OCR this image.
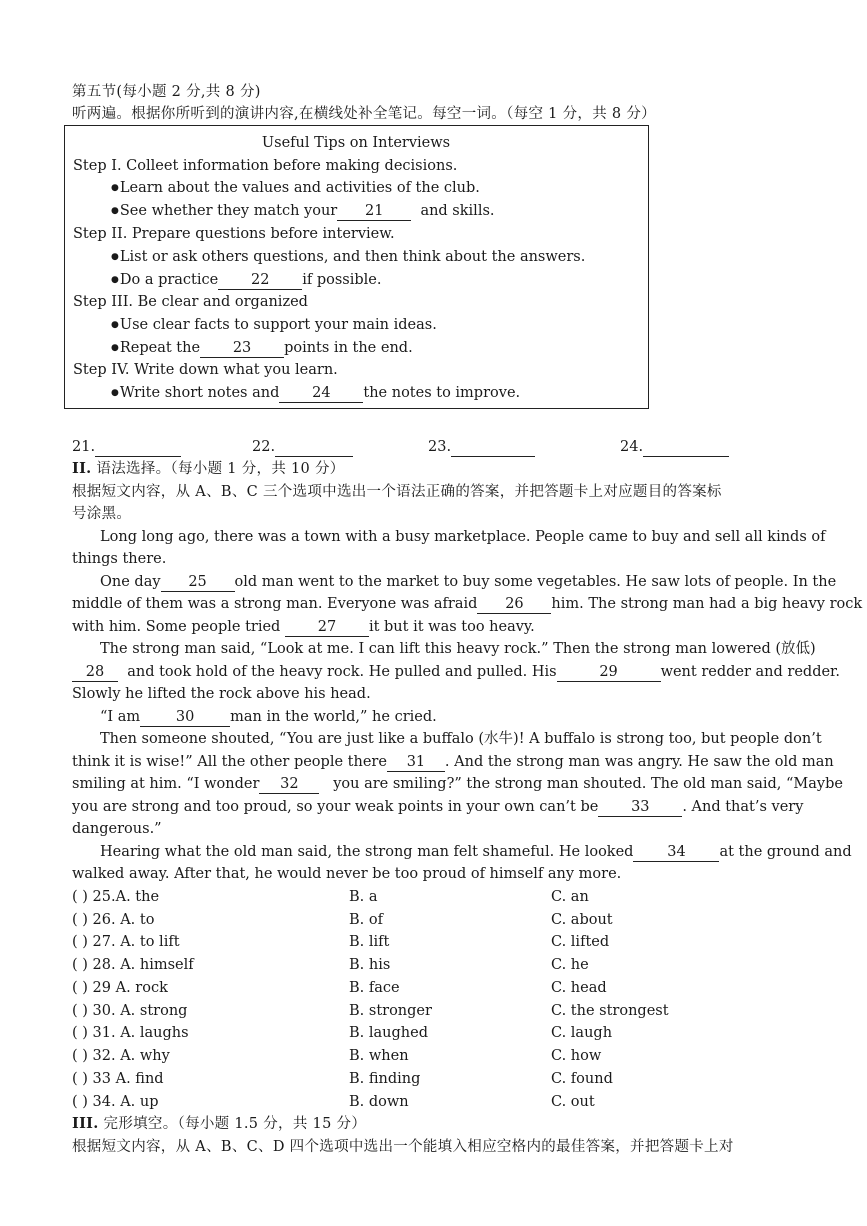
第五节(每小题 2 分,共 8 分)
听两遍。根据你所听到的演讲内容,在横线处补全笔记。每空一词。（每空 1 分，共 8 分）
Useful Tips on Interviews
Step I. Colleet information before making decisions.
●Learn about the values and activities of the club.
●See whether they match your 21	and skills.
Step II. Prepare questions before interview.
●List or ask others questions, and then think about the answers.
●Do a practice 22 if possible.
Step III. Be clear and organized
●Use clear facts to support your main ideas.
●Repeat the 23 points in the end.
Step IV. Write down what you learn.
●Write short notes and 24 the notes to improve.
21.	22.	23.	24.
II. 语法选择。（每小题 1 分，共 10 分）
根据短文内容，从 A、B、C 三个选项中选出一个语法正确的答案，并把答题卡上对应题目的答案标
号涂黑。
Long long ago, there was a town with a busy marketplace. People came to buy and sell all kinds of
things there.
One day 25 old man went to the market to buy some vegetables. He saw lots of people. In the
middle of them was a strong man. Everyone was afraid 26 him. The strong man had a big heavy rock
with him. Some people tried	27 it but it was too heavy.
The strong man said, “Look at me. I can lift this heavy rock.” Then the strong man lowered (放低)
28 and took hold of the heavy rock. He pulled and pulled. His	29	went redder and redder.
Slowly he lifted the rock above his head.
“I am 30 man in the world,” he cried.
Then someone shouted, “You are just like a buffalo (水牛)! A buffalo is strong too, but people don’t
think it is wise!” All the other people there 31 . And the strong man was angry. He saw the old man
smiling at him. “I wonder 32 you are smiling?” the strong man shouted. The old man said, “Maybe
you are strong and too proud, so your weak points in your own can’t be 33 . And that’s very
dangerous.”
Hearing what the old man said, the strong man felt shameful. He looked 34 at the ground and
walked away. After that, he would never be too proud of himself any more.
( ) 25.A. the	B. a	C. an
( ) 26. A. to	B. of	C. about
( ) 27. A. to lift	B. lift	C. lifted
( ) 28. A. himself	B. his	C. he
( ) 29 A. rock	B. face	C. head
( ) 30. A. strong	B. stronger	C. the strongest
( ) 31. A. laughs	B. laughed	C. laugh
( ) 32. A. why	B. when	C. how
( ) 33 A. find	B. finding	C. found
( ) 34. A. up	B. down	C. out
III. 完形填空。（每小题 1.5 分，共 15 分）
根据短文内容，从 A、B、C、D 四个选项中选出一个能填入相应空格内的最佳答案，并把答题卡上对
